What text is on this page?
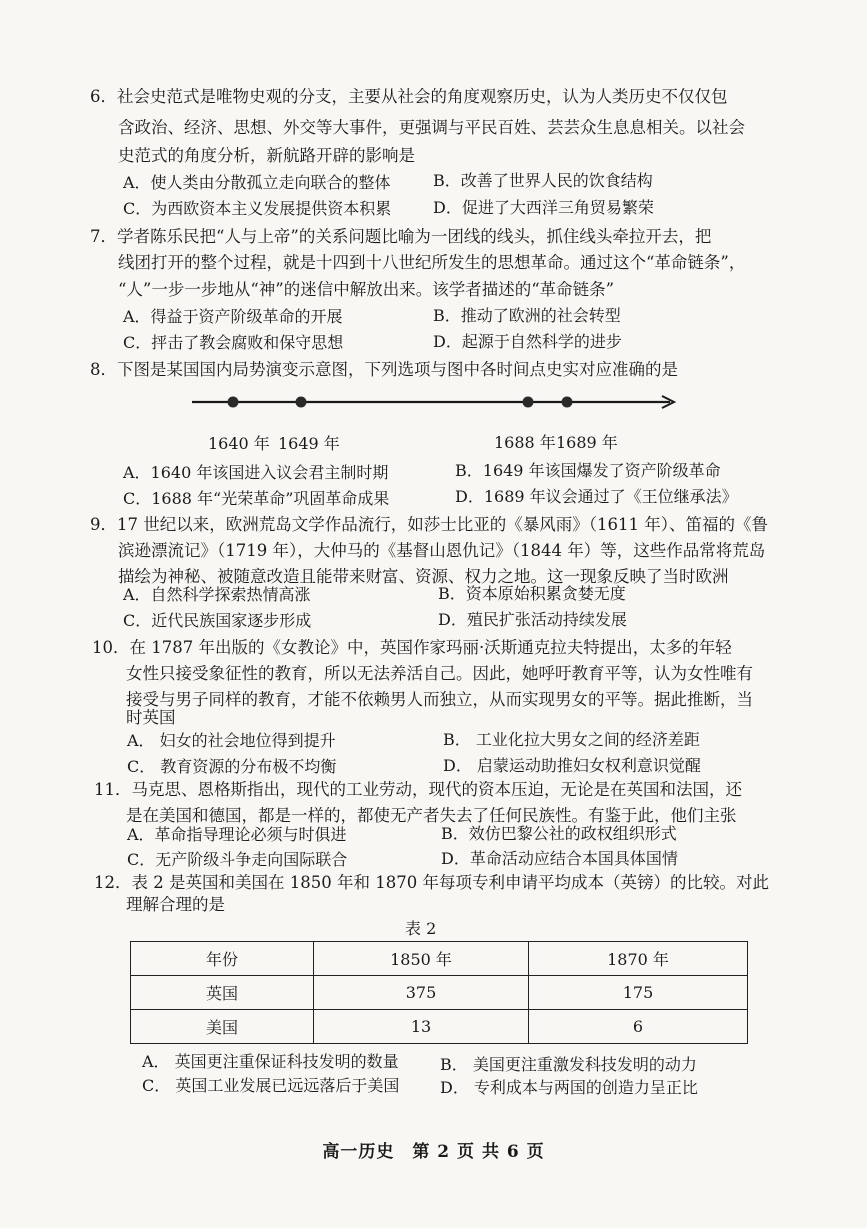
6．社会史范式是唯物史观的分支，主要从社会的角度观察历史，认为人类历史不仅仅包
含政治、经济、思想、外交等大事件，更强调与平民百姓、芸芸众生息息相关。以社会
史范式的角度分析，新航路开辟的影响是
A．使人类由分散孤立走向联合的整体	B．改善了世界人民的饮食结构
C．为西欧资本主义发展提供资本积累	D．促进了大西洋三角贸易繁荣
7．学者陈乐民把“人与上帝”的关系问题比喻为一团线的线头，抓住线头牵拉开去，把
线团打开的整个过程，就是十四到十八世纪所发生的思想革命。通过这个“革命链条”，
“人”一步一步地从“神”的迷信中解放出来。该学者描述的“革命链条”
A．得益于资产阶级革命的开展	B．推动了欧洲的社会转型
C．抨击了教会腐败和保守思想	D．起源于自然科学的进步
8．下图是某国国内局势演变示意图，下列选项与图中各时间点史实对应准确的是
1640 年 1649 年	1688 年 1689 年
A．1640 年该国进入议会君主制时期	B．1649 年该国爆发了资产阶级革命
C．1688 年“光荣革命”巩固革命成果	D．1689 年议会通过了《王位继承法》
9．17 世纪以来，欧洲荒岛文学作品流行，如莎士比亚的《暴风雨》（1611 年）、笛福的《鲁
滨逊漂流记》（1719 年），大仲马的《基督山恩仇记》（1844 年）等，这些作品常将荒岛
描绘为神秘、被随意改造且能带来财富、资源、权力之地。这一现象反映了当时欧洲
A．自然科学探索热情高涨	B．资本原始积累贪婪无度
C．近代民族国家逐步形成	D．殖民扩张活动持续发展
10．在 1787 年出版的《女教论》中，英国作家玛丽·沃斯通克拉夫特提出，太多的年轻
女性只接受象征性的教育，所以无法养活自己。因此，她呼吁教育平等，认为女性唯有
接受与男子同样的教育，才能不依赖男人而独立，从而实现男女的平等。据此推断，当
时英国
A． 妇女的社会地位得到提升	B． 工业化拉大男女之间的经济差距
C． 教育资源的分布极不均衡	D． 启蒙运动助推妇女权利意识觉醒
11．马克思、恩格斯指出，现代的工业劳动，现代的资本压迫，无论是在英国和法国，还
是在美国和德国，都是一样的，都使无产者失去了任何民族性。有鉴于此，他们主张
A．革命指导理论必须与时俱进	B．效仿巴黎公社的政权组织形式
C．无产阶级斗争走向国际联合	D．革命活动应结合本国具体国情
12．表 2 是英国和美国在 1850 年和 1870 年每项专利申请平均成本（英镑）的比较。对此
理解合理的是
表 2
年份	1850 年	1870 年
英国	375	175
美国	13	6
A． 英国更注重保证科技发明的数量	B． 美国更注重激发科技发明的动力
C． 英国工业发展已远远落后于美国	D． 专利成本与两国的创造力呈正比
高一历史　第 2 页 共 6 页
